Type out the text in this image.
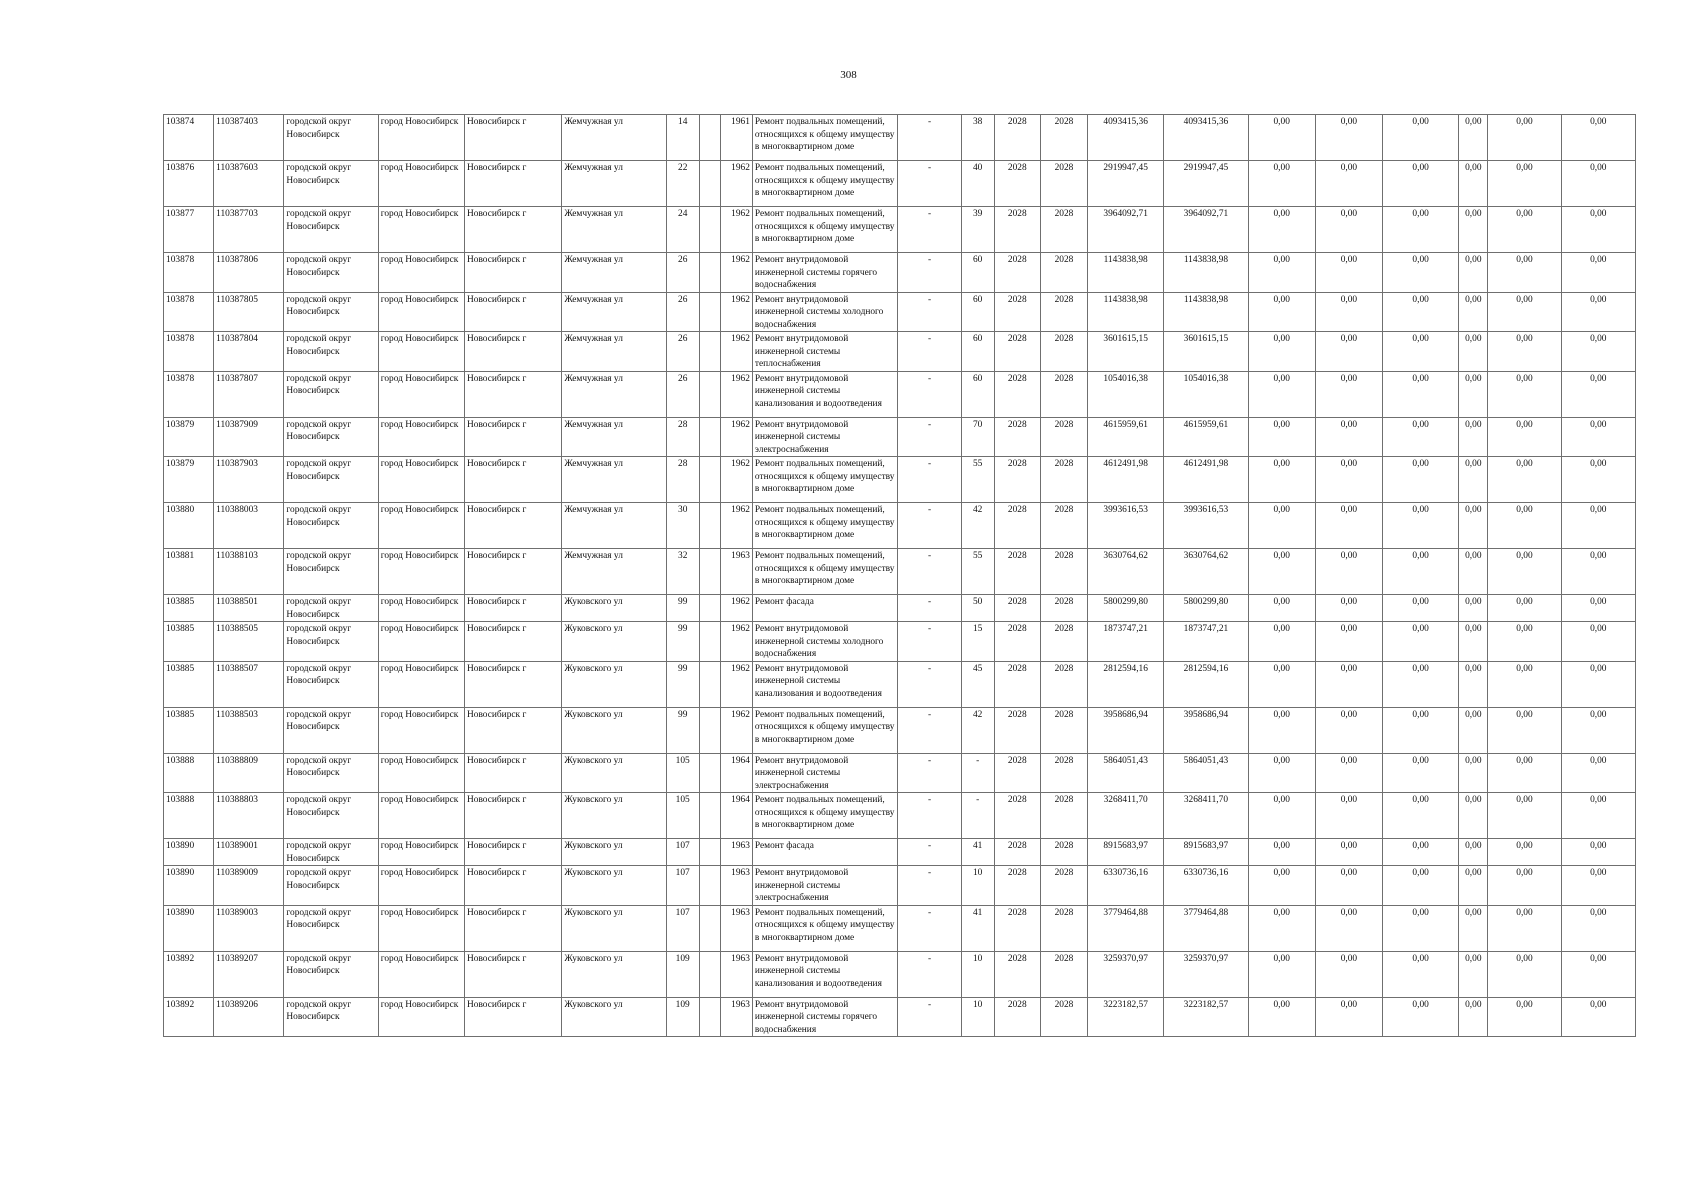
308
103874	110387403	городской округ Новосибирск	город Новосибирск	Новосибирск г	Жемчужная ул	14		1961	Ремонт подвальных помещений, относящихся к общему имуществу в многоквартирном доме	-	38	2028	2028	4093415,36	4093415,36	0,00	0,00	0,00	0,00	0,00	0,00
103876	110387603	городской округ Новосибирск	город Новосибирск	Новосибирск г	Жемчужная ул	22		1962	Ремонт подвальных помещений, относящихся к общему имуществу в многоквартирном доме	-	40	2028	2028	2919947,45	2919947,45	0,00	0,00	0,00	0,00	0,00	0,00
103877	110387703	городской округ Новосибирск	город Новосибирск	Новосибирск г	Жемчужная ул	24		1962	Ремонт подвальных помещений, относящихся к общему имуществу в многоквартирном доме	-	39	2028	2028	3964092,71	3964092,71	0,00	0,00	0,00	0,00	0,00	0,00
103878	110387806	городской округ Новосибирск	город Новосибирск	Новосибирск г	Жемчужная ул	26		1962	Ремонт внутридомовой инженерной системы горячего водоснабжения	-	60	2028	2028	1143838,98	1143838,98	0,00	0,00	0,00	0,00	0,00	0,00
103878	110387805	городской округ Новосибирск	город Новосибирск	Новосибирск г	Жемчужная ул	26		1962	Ремонт внутридомовой инженерной системы холодного водоснабжения	-	60	2028	2028	1143838,98	1143838,98	0,00	0,00	0,00	0,00	0,00	0,00
103878	110387804	городской округ Новосибирск	город Новосибирск	Новосибирск г	Жемчужная ул	26		1962	Ремонт внутридомовой инженерной системы теплоснабжения	-	60	2028	2028	3601615,15	3601615,15	0,00	0,00	0,00	0,00	0,00	0,00
103878	110387807	городской округ Новосибирск	город Новосибирск	Новосибирск г	Жемчужная ул	26		1962	Ремонт внутридомовой инженерной системы канализования и водоотведения	-	60	2028	2028	1054016,38	1054016,38	0,00	0,00	0,00	0,00	0,00	0,00
103879	110387909	городской округ Новосибирск	город Новосибирск	Новосибирск г	Жемчужная ул	28		1962	Ремонт внутридомовой инженерной системы электроснабжения	-	70	2028	2028	4615959,61	4615959,61	0,00	0,00	0,00	0,00	0,00	0,00
103879	110387903	городской округ Новосибирск	город Новосибирск	Новосибирск г	Жемчужная ул	28		1962	Ремонт подвальных помещений, относящихся к общему имуществу в многоквартирном доме	-	55	2028	2028	4612491,98	4612491,98	0,00	0,00	0,00	0,00	0,00	0,00
103880	110388003	городской округ Новосибирск	город Новосибирск	Новосибирск г	Жемчужная ул	30		1962	Ремонт подвальных помещений, относящихся к общему имуществу в многоквартирном доме	-	42	2028	2028	3993616,53	3993616,53	0,00	0,00	0,00	0,00	0,00	0,00
103881	110388103	городской округ Новосибирск	город Новосибирск	Новосибирск г	Жемчужная ул	32		1963	Ремонт подвальных помещений, относящихся к общему имуществу в многоквартирном доме	-	55	2028	2028	3630764,62	3630764,62	0,00	0,00	0,00	0,00	0,00	0,00
103885	110388501	городской округ Новосибирск	город Новосибирск	Новосибирск г	Жуковского ул	99		1962	Ремонт фасада	-	50	2028	2028	5800299,80	5800299,80	0,00	0,00	0,00	0,00	0,00	0,00
103885	110388505	городской округ Новосибирск	город Новосибирск	Новосибирск г	Жуковского ул	99		1962	Ремонт внутридомовой инженерной системы холодного водоснабжения	-	15	2028	2028	1873747,21	1873747,21	0,00	0,00	0,00	0,00	0,00	0,00
103885	110388507	городской округ Новосибирск	город Новосибирск	Новосибирск г	Жуковского ул	99		1962	Ремонт внутридомовой инженерной системы канализования и водоотведения	-	45	2028	2028	2812594,16	2812594,16	0,00	0,00	0,00	0,00	0,00	0,00
103885	110388503	городской округ Новосибирск	город Новосибирск	Новосибирск г	Жуковского ул	99		1962	Ремонт подвальных помещений, относящихся к общему имуществу в многоквартирном доме	-	42	2028	2028	3958686,94	3958686,94	0,00	0,00	0,00	0,00	0,00	0,00
103888	110388809	городской округ Новосибирск	город Новосибирск	Новосибирск г	Жуковского ул	105		1964	Ремонт внутридомовой инженерной системы электроснабжения	-	-	2028	2028	5864051,43	5864051,43	0,00	0,00	0,00	0,00	0,00	0,00
103888	110388803	городской округ Новосибирск	город Новосибирск	Новосибирск г	Жуковского ул	105		1964	Ремонт подвальных помещений, относящихся к общему имуществу в многоквартирном доме	-	-	2028	2028	3268411,70	3268411,70	0,00	0,00	0,00	0,00	0,00	0,00
103890	110389001	городской округ Новосибирск	город Новосибирск	Новосибирск г	Жуковского ул	107		1963	Ремонт фасада	-	41	2028	2028	8915683,97	8915683,97	0,00	0,00	0,00	0,00	0,00	0,00
103890	110389009	городской округ Новосибирск	город Новосибирск	Новосибирск г	Жуковского ул	107		1963	Ремонт внутридомовой инженерной системы электроснабжения	-	10	2028	2028	6330736,16	6330736,16	0,00	0,00	0,00	0,00	0,00	0,00
103890	110389003	городской округ Новосибирск	город Новосибирск	Новосибирск г	Жуковского ул	107		1963	Ремонт подвальных помещений, относящихся к общему имуществу в многоквартирном доме	-	41	2028	2028	3779464,88	3779464,88	0,00	0,00	0,00	0,00	0,00	0,00
103892	110389207	городской округ Новосибирск	город Новосибирск	Новосибирск г	Жуковского ул	109		1963	Ремонт внутридомовой инженерной системы канализования и водоотведения	-	10	2028	2028	3259370,97	3259370,97	0,00	0,00	0,00	0,00	0,00	0,00
103892	110389206	городской округ Новосибирск	город Новосибирск	Новосибирск г	Жуковского ул	109		1963	Ремонт внутридомовой инженерной системы горячего водоснабжения	-	10	2028	2028	3223182,57	3223182,57	0,00	0,00	0,00	0,00	0,00	0,00
